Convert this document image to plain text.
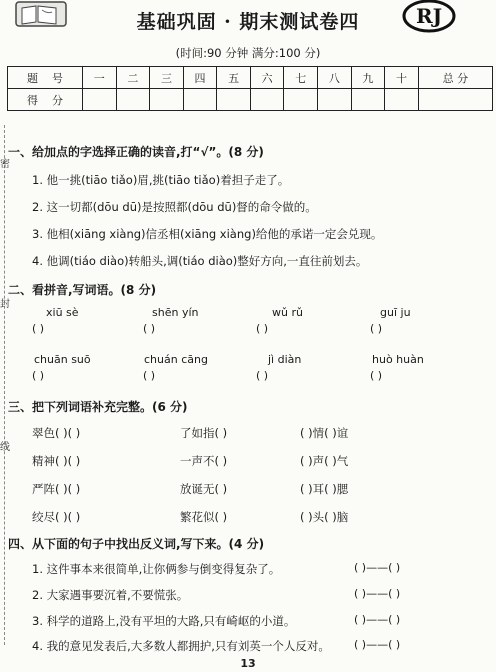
基础巩固 · 期末测试卷四	RJ
(时间:90 分钟 满分:100 分)
题号	一	二	三	四	五	六	七	八	九	十	总 分
得分											
密
封
线
一、给加点的字选择正确的读音,打“√”。(8 分)
1. 他一挑(tiāo tiǎo)眉,挑(tiāo tiǎo)着担子走了。
2. 这一切都(dōu dū)是按照都(dōu dū)督的命令做的。
3. 他相(xiāng xiàng)信丞相(xiāng xiàng)给他的承诺一定会兑现。
4. 他调(tiáo diào)转船头,调(tiáo diào)整好方向,一直往前划去。
二、看拼音,写词语。(8 分)
xiū sè	shēn yín	wǔ rǔ	guī ju
( )	( )	( )	( )
chuān suō	chuán cāng	jì diàn	huò huàn
( )	( )	( )	( )
三、把下列词语补充完整。(6 分)
翠色( )( )	了如指( )	( )情( )谊
精神( )( )	一声不( )	( )声( )气
严阵( )( )	放诞无( )	( )耳( )腮
绞尽( )( )	繁花似( )	( )头( )脑
四、从下面的句子中找出反义词,写下来。(4 分)
1. 这件事本来很简单,让你俩参与倒变得复杂了。	( )——( )
2. 大家遇事要沉着,不要慌张。	( )——( )
3. 科学的道路上,没有平坦的大路,只有崎岖的小道。	( )——( )
4. 我的意见发表后,大多数人都拥护,只有刘英一个人反对。 ( )——( )
13
